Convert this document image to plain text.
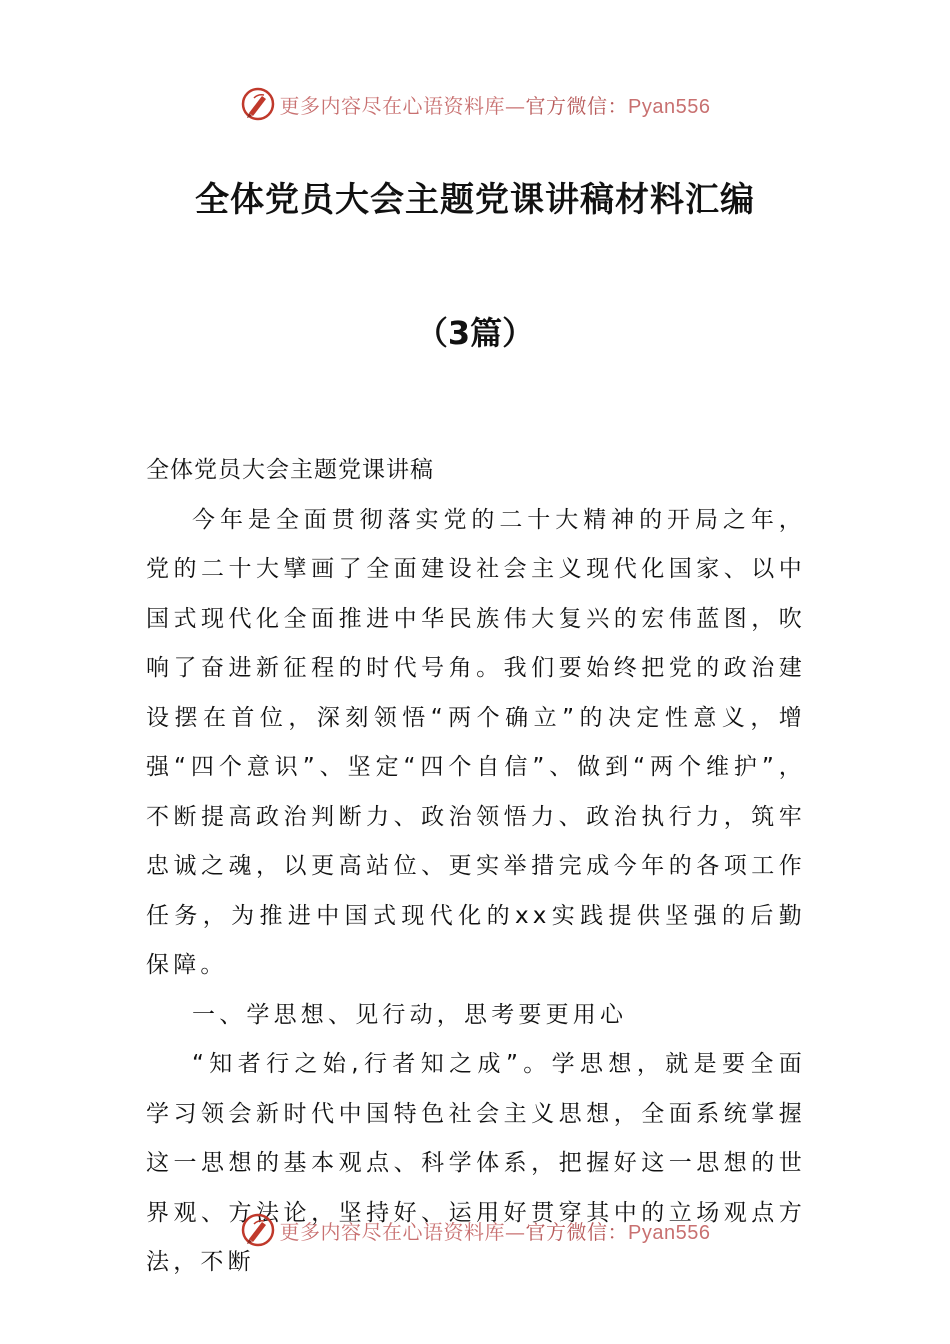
更多内容尽在心语资料库—官方微信：Pyan556
全体党员大会主题党课讲稿材料汇编
（3篇）

全体党员大会主题党课讲稿

今年是全面贯彻落实党的二十大精神的开局之年，党的二十大擘画了全面建设社会主义现代化国家、以中国式现代化全面推进中华民族伟大复兴的宏伟蓝图，吹响了奋进新征程的时代号角。我们要始终把党的政治建设摆在首位，深刻领悟“两个确立”的决定性意义，增强“四个意识”、坚定“四个自信”、做到“两个维护”，不断提高政治判断力、政治领悟力、政治执行力，筑牢忠诚之魂，以更高站位、更实举措完成今年的各项工作任务，为推进中国式现代化的xx实践提供坚强的后勤保障。

一、学思想、见行动，思考要更用心

“知者行之始,行者知之成”。学思想，就是要全面学习领会新时代中国特色社会主义思想，全面系统掌握这一思想的基本观点、科学体系，把握好这一思想的世界观、方法论，坚持好、运用好贯穿其中的立场观点方法，不断

更多内容尽在心语资料库—官方微信：Pyan556
